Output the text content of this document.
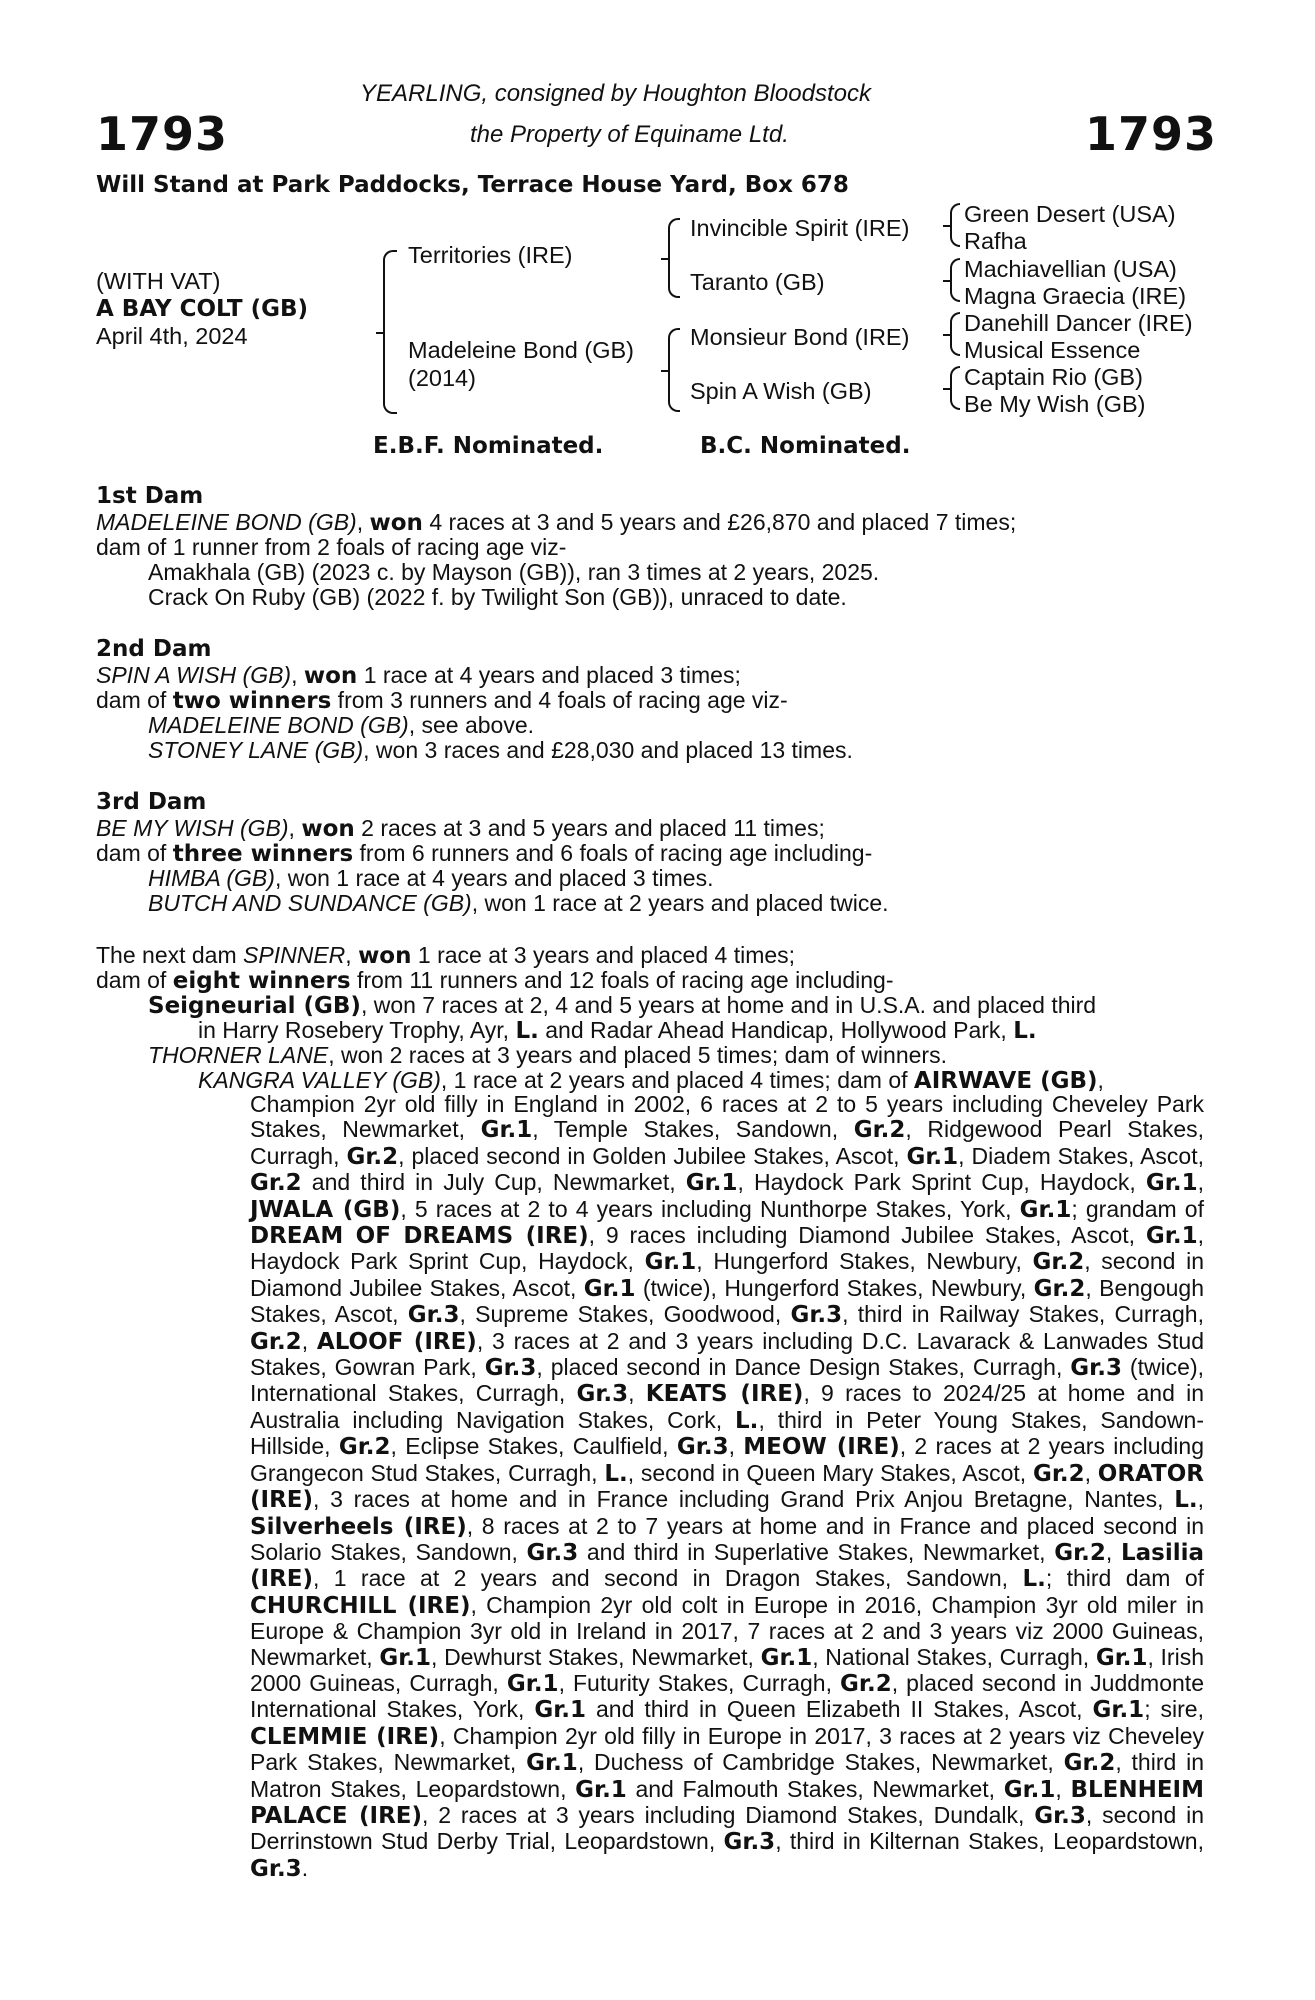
1793	1793
YEARLING, consigned by Houghton Bloodstock
the Property of Equiname Ltd.
Will Stand at Park Paddocks, Terrace House Yard, Box 678
(WITH VAT)
A BAY COLT (GB)
April 4th, 2024
Territories (IRE)
Madeleine Bond (GB)
(2014)
Invincible Spirit (IRE)
Taranto (GB)
Monsieur Bond (IRE)
Spin A Wish (GB)
Green Desert (USA)
Rafha
Machiavellian (USA)
Magna Graecia (IRE)
Danehill Dancer (IRE)
Musical Essence
Captain Rio (GB)
Be My Wish (GB)
E.B.F. Nominated.	B.C. Nominated.
1st Dam
MADELEINE BOND (GB), won 4 races at 3 and 5 years and £26,870 and placed 7 times;
dam of 1 runner from 2 foals of racing age viz-
Amakhala (GB) (2023 c. by Mayson (GB)), ran 3 times at 2 years, 2025.
Crack On Ruby (GB) (2022 f. by Twilight Son (GB)), unraced to date.
2nd Dam
SPIN A WISH (GB), won 1 race at 4 years and placed 3 times;
dam of two winners from 3 runners and 4 foals of racing age viz-
MADELEINE BOND (GB), see above.
STONEY LANE (GB), won 3 races and £28,030 and placed 13 times.
3rd Dam
BE MY WISH (GB), won 2 races at 3 and 5 years and placed 11 times;
dam of three winners from 6 runners and 6 foals of racing age including-
HIMBA (GB), won 1 race at 4 years and placed 3 times.
BUTCH AND SUNDANCE (GB), won 1 race at 2 years and placed twice.
The next dam SPINNER, won 1 race at 3 years and placed 4 times;
dam of eight winners from 11 runners and 12 foals of racing age including-
Seigneurial (GB), won 7 races at 2, 4 and 5 years at home and in U.S.A. and placed third
in Harry Rosebery Trophy, Ayr, L. and Radar Ahead Handicap, Hollywood Park, L.
THORNER LANE, won 2 races at 3 years and placed 5 times; dam of winners.
KANGRA VALLEY (GB), 1 race at 2 years and placed 4 times; dam of AIRWAVE (GB),
Champion 2yr old filly in England in 2002, 6 races at 2 to 5 years including Cheveley Park Stakes, Newmarket, Gr.1, Temple Stakes, Sandown, Gr.2, Ridgewood Pearl Stakes, Curragh, Gr.2, placed second in Golden Jubilee Stakes, Ascot, Gr.1, Diadem Stakes, Ascot, Gr.2 and third in July Cup, Newmarket, Gr.1, Haydock Park Sprint Cup, Haydock, Gr.1, JWALA (GB), 5 races at 2 to 4 years including Nunthorpe Stakes, York, Gr.1; grandam of DREAM OF DREAMS (IRE), 9 races including Diamond Jubilee Stakes, Ascot, Gr.1, Haydock Park Sprint Cup, Haydock, Gr.1, Hungerford Stakes, Newbury, Gr.2, second in Diamond Jubilee Stakes, Ascot, Gr.1 (twice), Hungerford Stakes, Newbury, Gr.2, Bengough Stakes, Ascot, Gr.3, Supreme Stakes, Goodwood, Gr.3, third in Railway Stakes, Curragh, Gr.2, ALOOF (IRE), 3 races at 2 and 3 years including D.C. Lavarack & Lanwades Stud Stakes, Gowran Park, Gr.3, placed second in Dance Design Stakes, Curragh, Gr.3 (twice), International Stakes, Curragh, Gr.3, KEATS (IRE), 9 races to 2024/25 at home and in Australia including Navigation Stakes, Cork, L., third in Peter Young Stakes, Sandown-Hillside, Gr.2, Eclipse Stakes, Caulfield, Gr.3, MEOW (IRE), 2 races at 2 years including Grangecon Stud Stakes, Curragh, L., second in Queen Mary Stakes, Ascot, Gr.2, ORATOR (IRE), 3 races at home and in France including Grand Prix Anjou Bretagne, Nantes, L., Silverheels (IRE), 8 races at 2 to 7 years at home and in France and placed second in Solario Stakes, Sandown, Gr.3 and third in Superlative Stakes, Newmarket, Gr.2, Lasilia (IRE), 1 race at 2 years and second in Dragon Stakes, Sandown, L.; third dam of CHURCHILL (IRE), Champion 2yr old colt in Europe in 2016, Champion 3yr old miler in Europe & Champion 3yr old in Ireland in 2017, 7 races at 2 and 3 years viz 2000 Guineas, Newmarket, Gr.1, Dewhurst Stakes, Newmarket, Gr.1, National Stakes, Curragh, Gr.1, Irish 2000 Guineas, Curragh, Gr.1, Futurity Stakes, Curragh, Gr.2, placed second in Juddmonte International Stakes, York, Gr.1 and third in Queen Elizabeth II Stakes, Ascot, Gr.1; sire, CLEMMIE (IRE), Champion 2yr old filly in Europe in 2017, 3 races at 2 years viz Cheveley Park Stakes, Newmarket, Gr.1, Duchess of Cambridge Stakes, Newmarket, Gr.2, third in Matron Stakes, Leopardstown, Gr.1 and Falmouth Stakes, Newmarket, Gr.1, BLENHEIM PALACE (IRE), 2 races at 3 years including Diamond Stakes, Dundalk, Gr.3, second in Derrinstown Stud Derby Trial, Leopardstown, Gr.3, third in Kilternan Stakes, Leopardstown, Gr.3.
